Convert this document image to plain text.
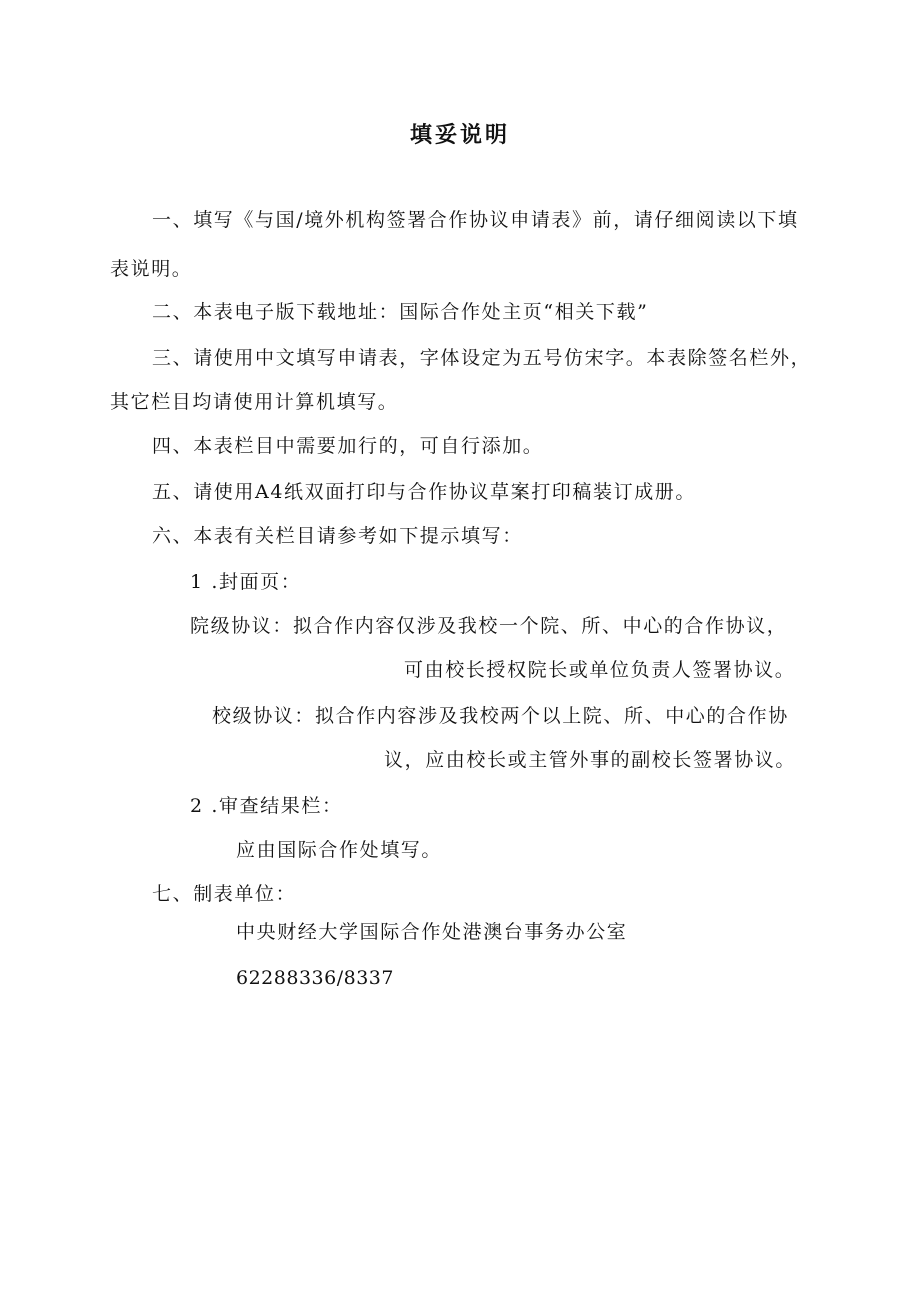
填妥说明
一、填写《与国/境外机构签署合作协议申请表》前，请仔细阅读以下填
表说明。
二、本表电子版下载地址：国际合作处主页“相关下载”
三、请使用中文填写申请表，字体设定为五号仿宋字。本表除签名栏外，
其它栏目均请使用计算机填写。
四、本表栏目中需要加行的，可自行添加。
五、请使用A4纸双面打印与合作协议草案打印稿装订成册。
六、本表有关栏目请参考如下提示填写：
1 .封面页：
院级协议：拟合作内容仅涉及我校一个院、所、中心的合作协议，
可由校长授权院长或单位负责人签署协议。
校级协议：拟合作内容涉及我校两个以上院、所、中心的合作协
议，应由校长或主管外事的副校长签署协议。
2 .审查结果栏：
应由国际合作处填写。
七、制表单位：
中央财经大学国际合作处港澳台事务办公室
62288336/8337
